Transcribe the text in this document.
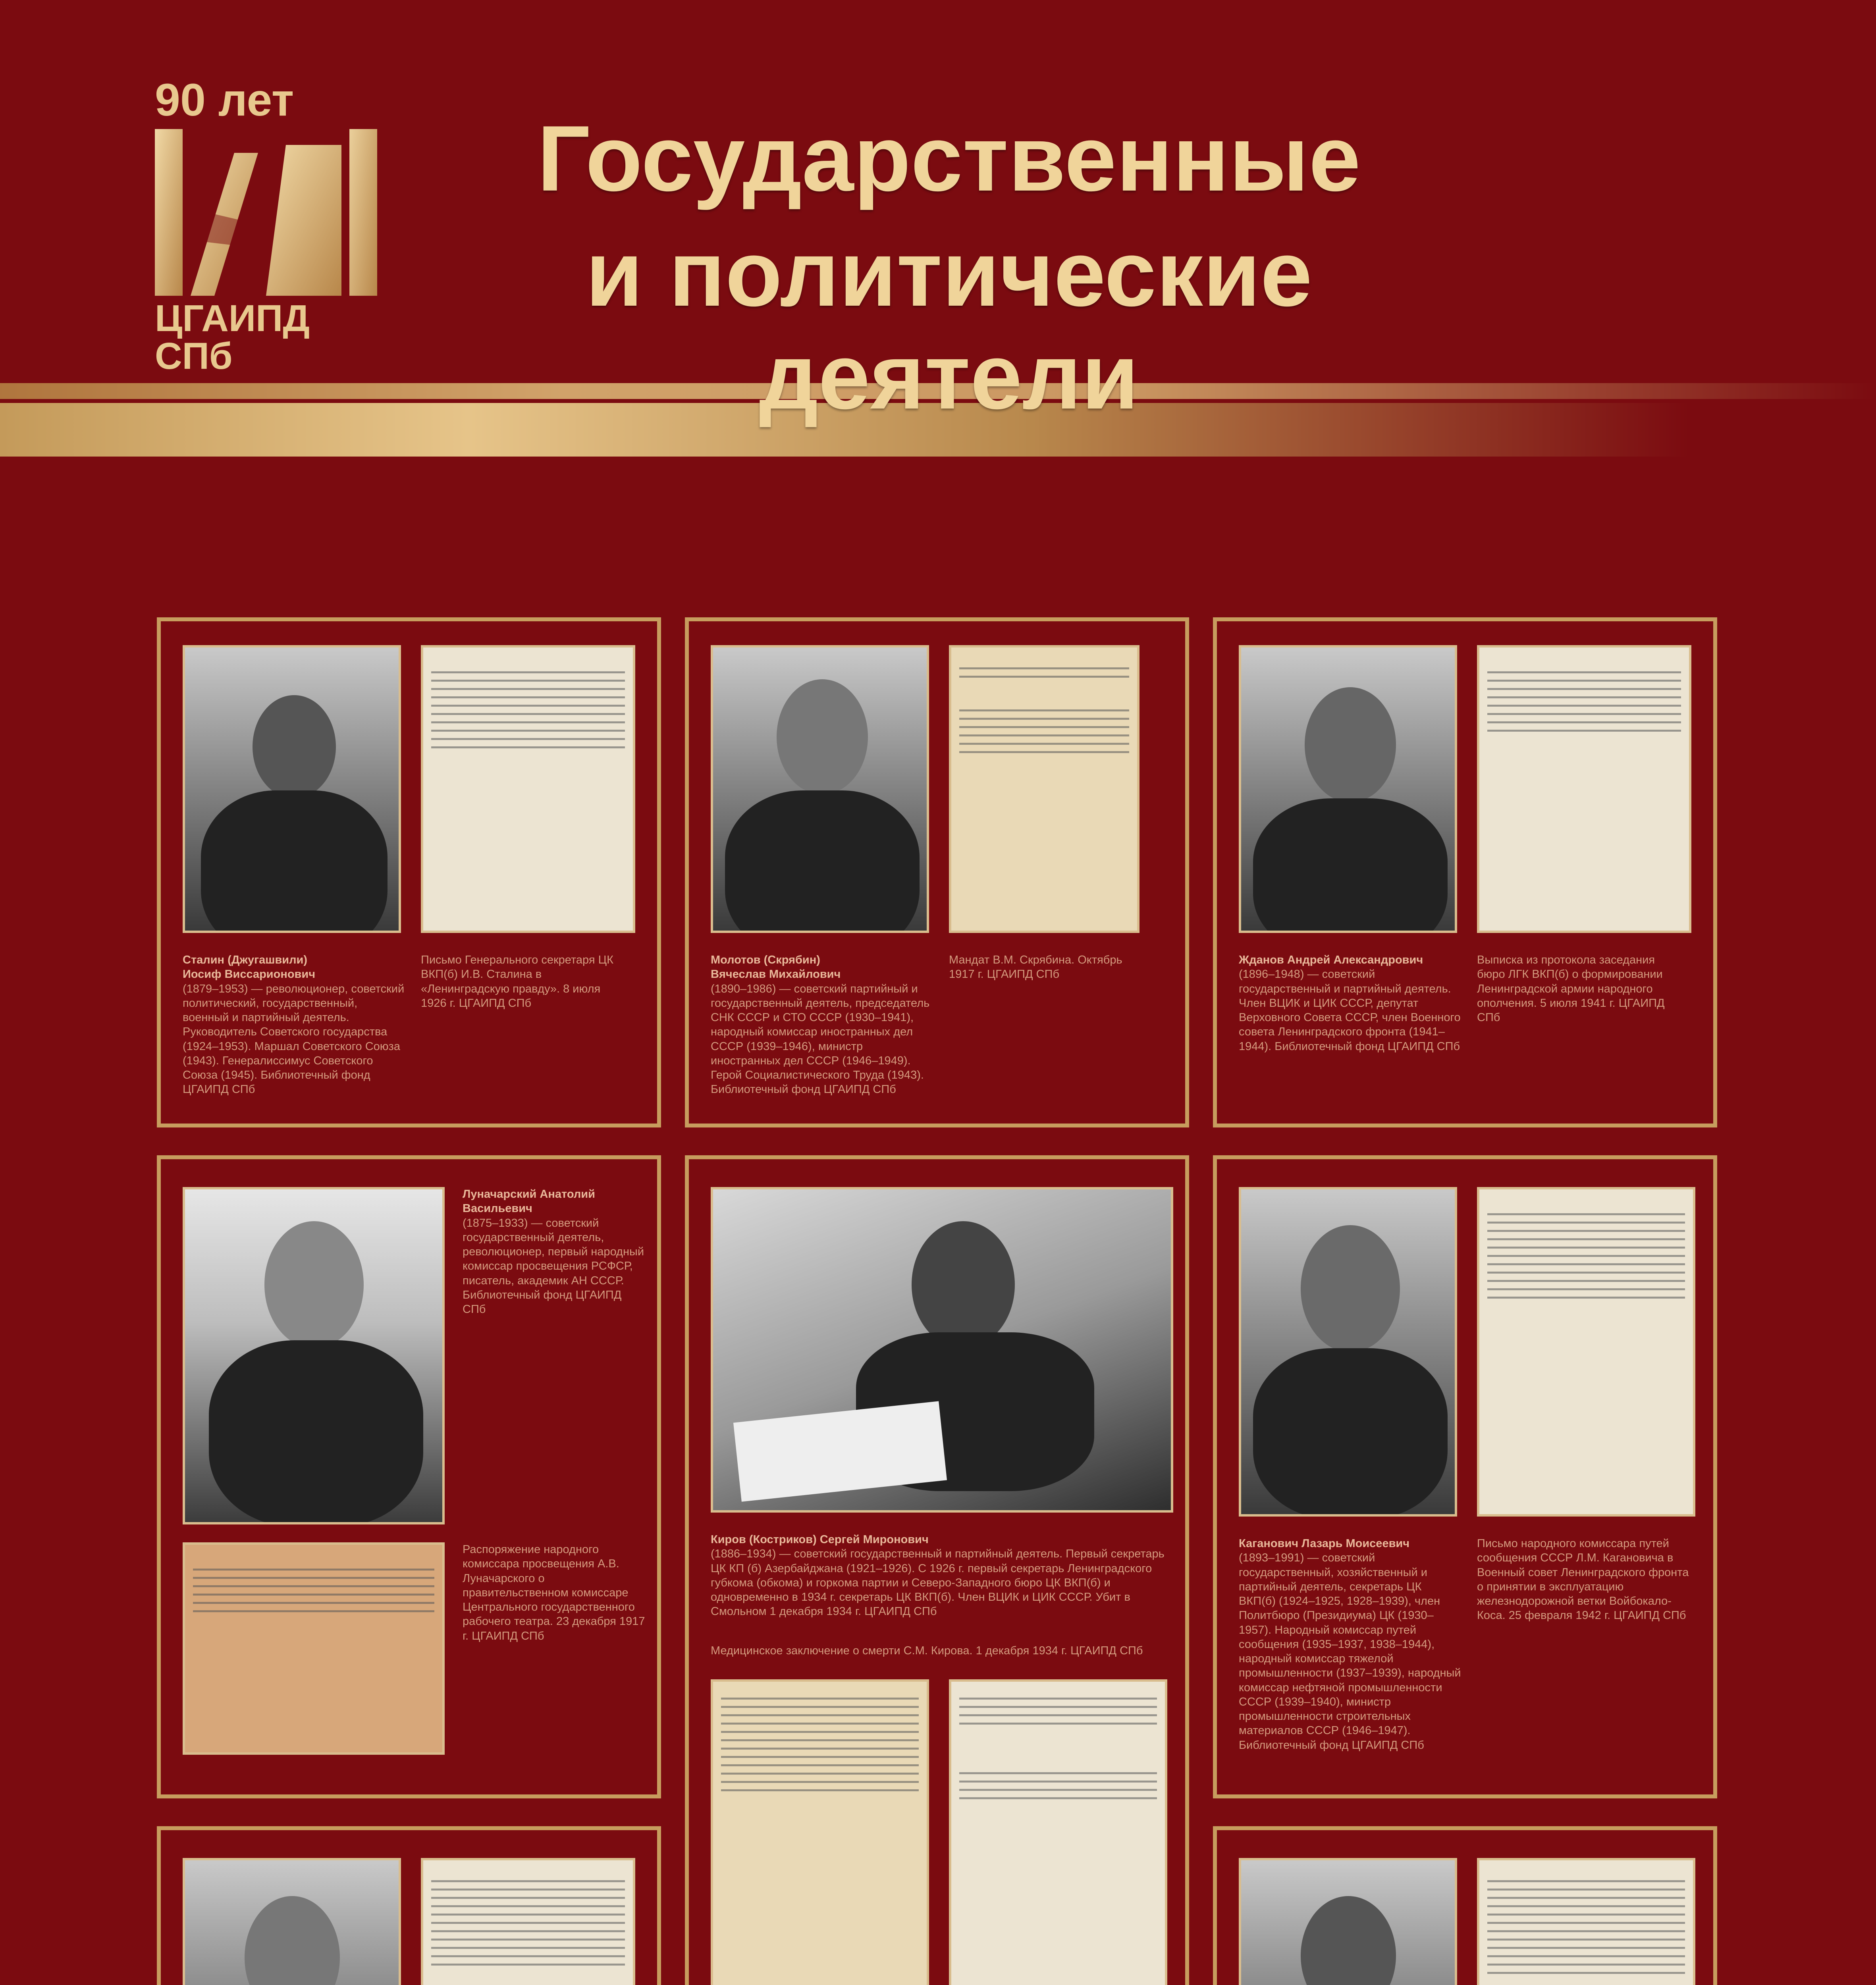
90 лет
ЦГАИПД СПб
Государственные
и политические деятели
Сталин (Джугашвили)
Иосиф Виссарионович
(1879–1953) — революционер, советский политический, государственный, военный и партийный деятель. Руководитель Советского государства (1924–1953). Маршал Советского Союза (1943). Генералиссимус Советского Союза (1945). Библиотечный фонд ЦГАИПД СПб
Письмо Генерального секретаря ЦК ВКП(б) И.В. Сталина в «Ленинградскую правду». 8 июля 1926 г. ЦГАИПД СПб
Молотов (Скрябин)
Вячеслав Михайлович
(1890–1986) — советский партийный и государственный деятель, председатель СНК СССР и СТО СССР (1930–1941), народный комиссар иностранных дел СССР (1939–1946), министр иностранных дел СССР (1946–1949). Герой Социалистического Труда (1943). Библиотечный фонд ЦГАИПД СПб
Мандат В.М. Скрябина. Октябрь 1917 г. ЦГАИПД СПб
Жданов Андрей Александрович
(1896–1948) — советский государственный и партийный деятель. Член ВЦИК и ЦИК СССР, депутат Верховного Совета СССР, член Военного совета Ленинградского фронта (1941–1944). Библиотечный фонд ЦГАИПД СПб
Выписка из протокола заседания бюро ЛГК ВКП(б) о формировании Ленинградской армии народного ополчения. 5 июля 1941 г. ЦГАИПД СПб
Луначарский Анатолий Васильевич
(1875–1933) — советский государственный деятель, революционер, первый народный комиссар просвещения РСФСР, писатель, академик АН СССР. Библиотечный фонд ЦГАИПД СПб
Распоряжение народного комиссара просвещения А.В. Луначарского о правительственном комиссаре Центрального государственного рабочего театра. 23 декабря 1917 г. ЦГАИПД СПб
Киров (Костриков) Сергей Миронович
(1886–1934) — советский государственный и партийный деятель. Первый секретарь ЦК КП (б) Азербайджана (1921–1926). С 1926 г. первый секретарь Ленинградского губкома (обкома) и горкома партии и Северо-Западного бюро ЦК ВКП(б) и одновременно в 1934 г. секретарь ЦК ВКП(б). Член ВЦИК и ЦИК СССР. Убит в Смольном 1 декабря 1934 г. ЦГАИПД СПб
Медицинское заключение о смерти С.М. Кирова. 1 декабря 1934 г. ЦГАИПД СПб
Каганович Лазарь Моисеевич
(1893–1991) — советский государственный, хозяйственный и партийный деятель, секретарь ЦК ВКП(б) (1924–1925, 1928–1939), член Политбюро (Президиума) ЦК (1930–1957). Народный комиссар путей сообщения (1935–1937, 1938–1944), народный комиссар тяжелой промышленности (1937–1939), народный комиссар нефтяной промышленности СССР (1939–1940), министр промышленности строительных материалов СССР (1946–1947). Библиотечный фонд ЦГАИПД СПб
Письмо народного комиссара путей сообщения СССР Л.М. Кагановича в Военный совет Ленинградского фронта о принятии в эксплуатацию железнодорожной ветки Войбокало-Коса. 25 февраля 1942 г. ЦГАИПД СПб
